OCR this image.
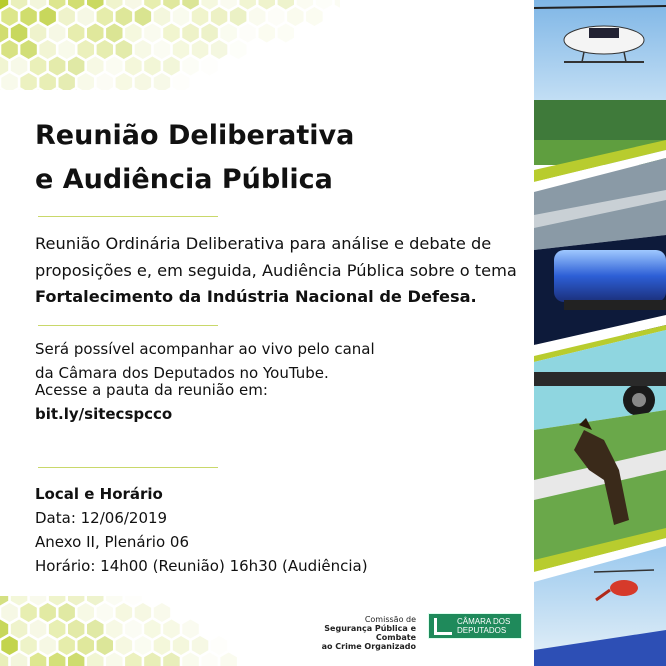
Reunião Deliberativa
e Audiência Pública
Reunião Ordinária Deliberativa para análise e debate de proposições e, em seguida, Audiência Pública sobre o tema Fortalecimento da Indústria Nacional de Defesa.
Será possível acompanhar ao vivo pelo canal
da Câmara dos Deputados no YouTube.
Acesse a pauta da reunião em:
bit.ly/sitecspcco
Local e Horário
Data: 12/06/2019
Anexo II, Plenário 06
Horário: 14h00 (Reunião) 16h30 (Audiência)
Comissão de
Segurança Pública e Combate
ao Crime Organizado
CÂMARA DOS
DEPUTADOS
